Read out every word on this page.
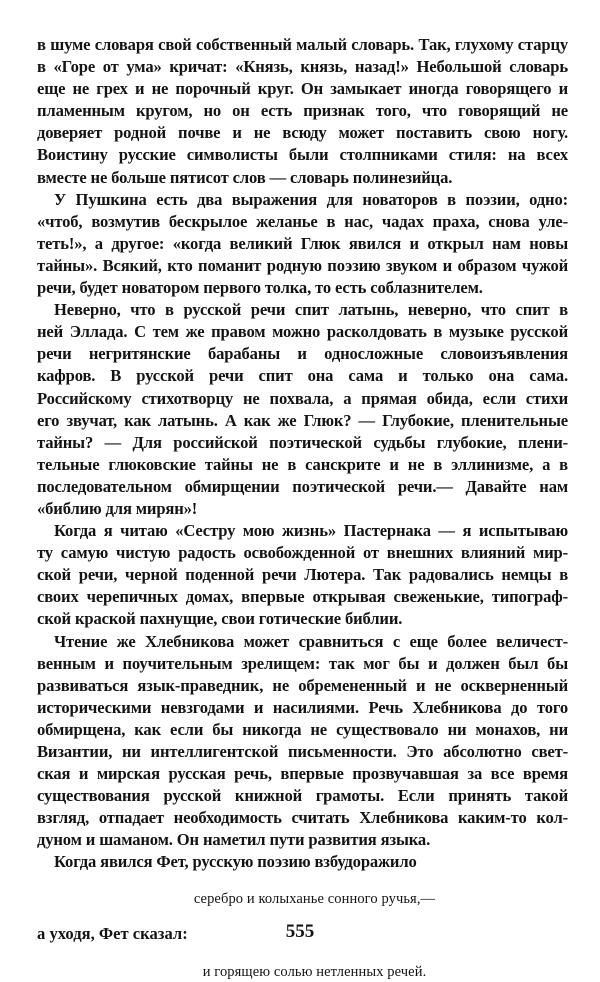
в шуме словаря свой собственный малый словарь. Так, глухому старцу
в «Горе от ума» кричат: «Князь, князь, назад!» Небольшой словарь
еще не грех и не порочный круг. Он замыкает иногда говорящего и
пламенным кругом, но он есть признак того, что говорящий не
доверяет родной почве и не всюду может поставить свою ногу.
Воистину русские символисты были столпниками стиля: на всех
вместе не больше пятисот слов — словарь полинезийца.
У Пушкина есть два выражения для новаторов в поэзии, одно:
«чтоб, возмутив бескрылое желанье в нас, чадах праха, снова уле-
теть!», а другое: «когда великий Глюк явился и открыл нам новы
тайны». Всякий, кто поманит родную поэзию звуком и образом чужой
речи, будет новатором первого толка, то есть соблазнителем.
Неверно, что в русской речи спит латынь, неверно, что спит в
ней Эллада. С тем же правом можно расколдовать в музыке русской
речи негритянские барабаны и односложные словоизъявления
кафров. В русской речи спит она сама и только она сама.
Российскому стихотворцу не похвала, а прямая обида, если стихи
его звучат, как латынь. А как же Глюк? — Глубокие, пленительные
тайны? — Для российской поэтической судьбы глубокие, плени-
тельные глюковские тайны не в санскрите и не в эллинизме, а в
последовательном обмирщении поэтической речи.— Давайте нам
«библию для мирян»!
Когда я читаю «Сестру мою жизнь» Пастернака — я испытываю
ту самую чистую радость освобожденной от внешних влияний мир-
ской речи, черной поденной речи Лютера. Так радовались немцы в
своих черепичных домах, впервые открывая свеженькие, типограф-
ской краской пахнущие, свои готические библии.
Чтение же Хлебникова может сравниться с еще более величест-
венным и поучительным зрелищем: так мог бы и должен был бы
развиваться язык-праведник, не обремененный и не оскверненный
историческими невзгодами и насилиями. Речь Хлебникова до того
обмирщена, как если бы никогда не существовало ни монахов, ни
Византии, ни интеллигентской письменности. Это абсолютно свет-
ская и мирская русская речь, впервые прозвучавшая за все время
существования русской книжной грамоты. Если принять такой
взгляд, отпадает необходимость считать Хлебникова каким-то кол-
дуном и шаманом. Он наметил пути развития языка.
Когда явился Фет, русскую поэзию взбудоражило
серебро и колыханье сонного ручья,—
а уходя, Фет сказал:
и горящею солью нетленных речей.
555
